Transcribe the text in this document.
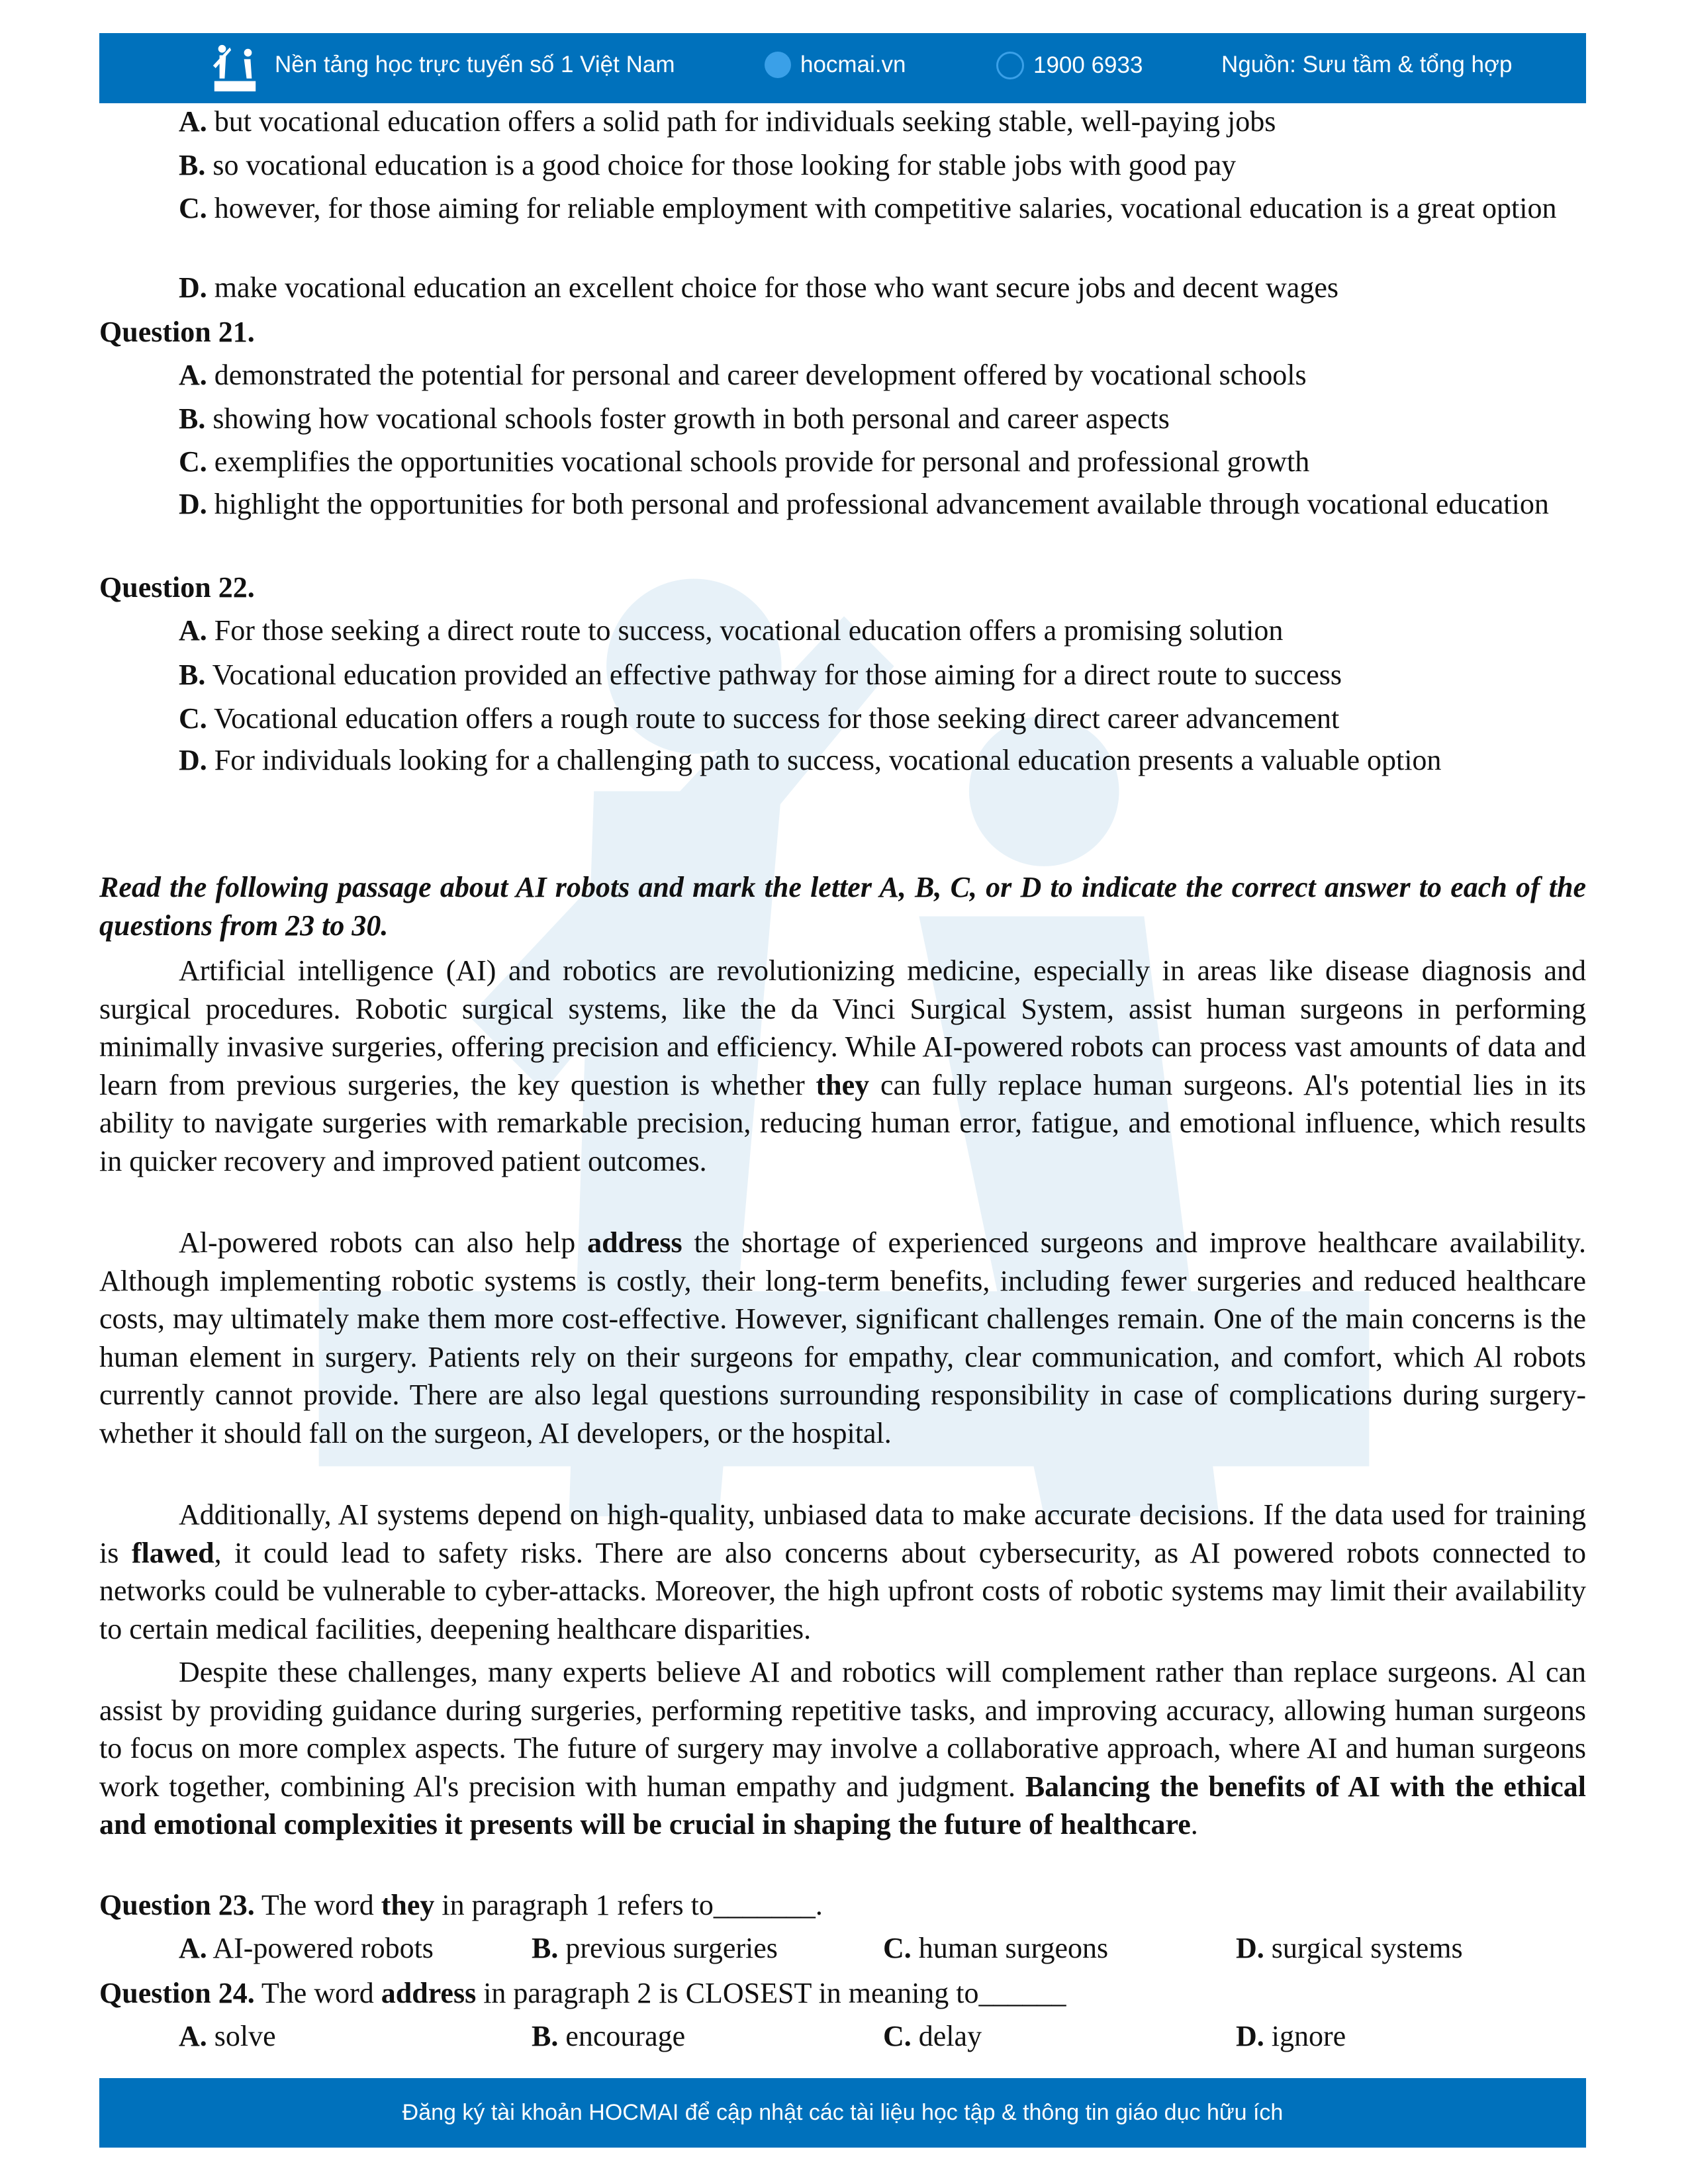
Nền tảng học trực tuyến số 1 Việt Nam	hocmai.vn	1900 6933	Nguồn: Sưu tầm & tổng hợp
A. but vocational education offers a solid path for individuals seeking stable, well-paying jobs
B. so vocational education is a good choice for those looking for stable jobs with good pay
C. however, for those aiming for reliable employment with competitive salaries, vocational education is a great option
D. make vocational education an excellent choice for those who want secure jobs and decent wages
Question 21.
A. demonstrated the potential for personal and career development offered by vocational schools
B. showing how vocational schools foster growth in both personal and career aspects
C. exemplifies the opportunities vocational schools provide for personal and professional growth
D. highlight the opportunities for both personal and professional advancement available through vocational education
Question 22.
A. For those seeking a direct route to success, vocational education offers a promising solution
B. Vocational education provided an effective pathway for those aiming for a direct route to success
C. Vocational education offers a rough route to success for those seeking direct career advancement
D. For individuals looking for a challenging path to success, vocational education presents a valuable option
Read the following passage about AI robots and mark the letter A, B, C, or D to indicate the correct answer to each of the questions from 23 to 30.
Artificial intelligence (AI) and robotics are revolutionizing medicine, especially in areas like disease diagnosis and surgical procedures. Robotic surgical systems, like the da Vinci Surgical System, assist human surgeons in performing minimally invasive surgeries, offering precision and efficiency. While AI-powered robots can process vast amounts of data and learn from previous surgeries, the key question is whether they can fully replace human surgeons. Al's potential lies in its ability to navigate surgeries with remarkable precision, reducing human error, fatigue, and emotional influence, which results in quicker recovery and improved patient outcomes.
Al-powered robots can also help address the shortage of experienced surgeons and improve healthcare availability. Although implementing robotic systems is costly, their long-term benefits, including fewer surgeries and reduced healthcare costs, may ultimately make them more cost-effective. However, significant challenges remain. One of the main concerns is the human element in surgery. Patients rely on their surgeons for empathy, clear communication, and comfort, which Al robots currently cannot provide. There are also legal questions surrounding responsibility in case of complications during surgery- whether it should fall on the surgeon, AI developers, or the hospital.
Additionally, AI systems depend on high-quality, unbiased data to make accurate decisions. If the data used for training is flawed, it could lead to safety risks. There are also concerns about cybersecurity, as AI powered robots connected to networks could be vulnerable to cyber-attacks. Moreover, the high upfront costs of robotic systems may limit their availability to certain medical facilities, deepening healthcare disparities.
Despite these challenges, many experts believe AI and robotics will complement rather than replace surgeons. Al can assist by providing guidance during surgeries, performing repetitive tasks, and improving accuracy, allowing human surgeons to focus on more complex aspects. The future of surgery may involve a collaborative approach, where AI and human surgeons work together, combining Al's precision with human empathy and judgment. Balancing the benefits of AI with the ethical and emotional complexities it presents will be crucial in shaping the future of healthcare.
Question 23. The word they in paragraph 1 refers to_______.
A. AI-powered robots	B. previous surgeries	C. human surgeons	D. surgical systems
Question 24. The word address in paragraph 2 is CLOSEST in meaning to______
A. solve	B. encourage	C. delay	D. ignore
Đăng ký tài khoản HOCMAI để cập nhật các tài liệu học tập & thông tin giáo dục hữu ích
